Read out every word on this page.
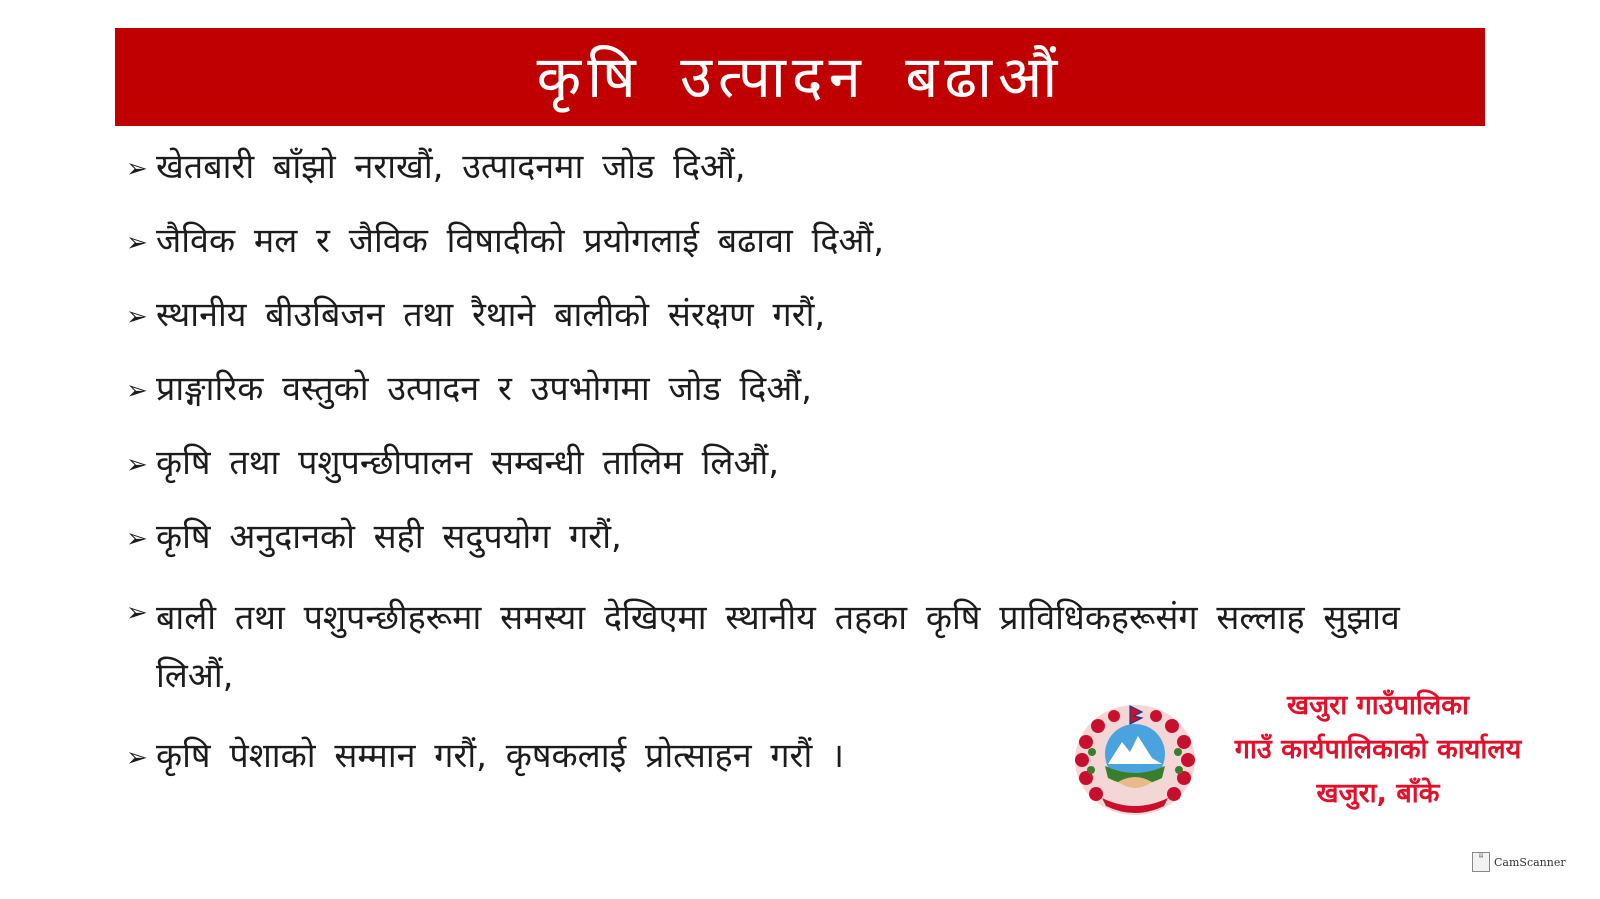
कृषि उत्पादन बढाऔं
➢ खेतबारी बाँझो नराखौं, उत्पादनमा जोड दिऔं,
➢ जैविक मल र जैविक विषादीको प्रयोगलाई बढावा दिऔं,
➢ स्थानीय बीउबिजन तथा रैथाने बालीको संरक्षण गरौं,
➢ प्राङ्गारिक वस्तुको उत्पादन र उपभोगमा जोड दिऔं,
➢ कृषि तथा पशुपन्छीपालन सम्बन्धी तालिम लिऔं,
➢ कृषि अनुदानको सही सदुपयोग गरौं,
➢ बाली तथा पशुपन्छीहरूमा समस्या देखिएमा स्थानीय तहका कृषि प्राविधिकहरूसंग सल्लाह सुझाव लिऔं,
➢ कृषि पेशाको सम्मान गरौं, कृषकलाई प्रोत्साहन गरौं ।
खजुरा गाउँपालिका
गाउँ कार्यपालिकाको कार्यालय
खजुरा, बाँके
▤ CamScanner
